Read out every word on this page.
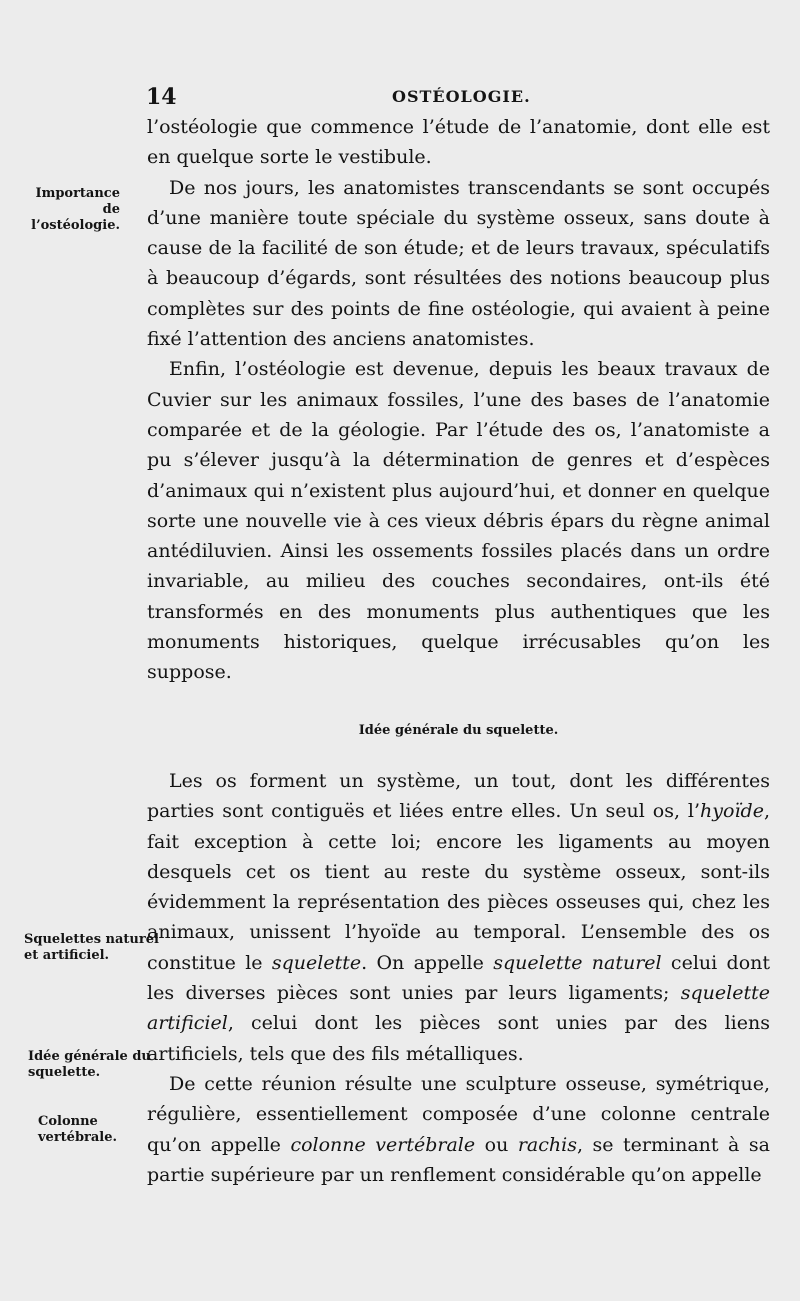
14	OSTÉOLOGIE.
Importance de l’ostéologie.
Squelettes naturel et artificiel.
Idée générale du squelette.
Colonne vertébrale.

l’ostéologie que commence l’étude de l’anatomie, dont elle est en quelque sorte le vestibule.

De nos jours, les anatomistes transcendants se sont occupés d’une manière toute spéciale du système osseux, sans doute à cause de la facilité de son étude; et de leurs travaux, spéculatifs à beaucoup d’égards, sont résultées des notions beaucoup plus complètes sur des points de fine ostéologie, qui avaient à peine fixé l’attention des anciens anatomistes.

Enfin, l’ostéologie est devenue, depuis les beaux travaux de Cuvier sur les animaux fossiles, l’une des bases de l’anatomie comparée et de la géologie. Par l’étude des os, l’anatomiste a pu s’élever jusqu’à la détermination de genres et d’espèces d’animaux qui n’existent plus aujourd’hui, et donner en quelque sorte une nouvelle vie à ces vieux débris épars du règne animal antédiluvien. Ainsi les ossements fossiles placés dans un ordre invariable, au milieu des couches secondaires, ont-ils été transformés en des monuments plus authentiques que les monuments historiques, quelque irrécusables qu’on les suppose.

Idée générale du squelette.

Les os forment un système, un tout, dont les différentes parties sont contiguës et liées entre elles. Un seul os, l’hyoïde, fait exception à cette loi; encore les ligaments au moyen desquels cet os tient au reste du système osseux, sont-ils évidemment la représentation des pièces osseuses qui, chez les animaux, unissent l’hyoïde au temporal. L’ensemble des os constitue le squelette. On appelle squelette naturel celui dont les diverses pièces sont unies par leurs ligaments; squelette artificiel, celui dont les pièces sont unies par des liens artificiels, tels que des fils métalliques.

De cette réunion résulte une sculpture osseuse, symétrique, régulière, essentiellement composée d’une colonne centrale qu’on appelle colonne vertébrale ou rachis, se terminant à sa partie supérieure par un renflement considérable qu’on appelle
